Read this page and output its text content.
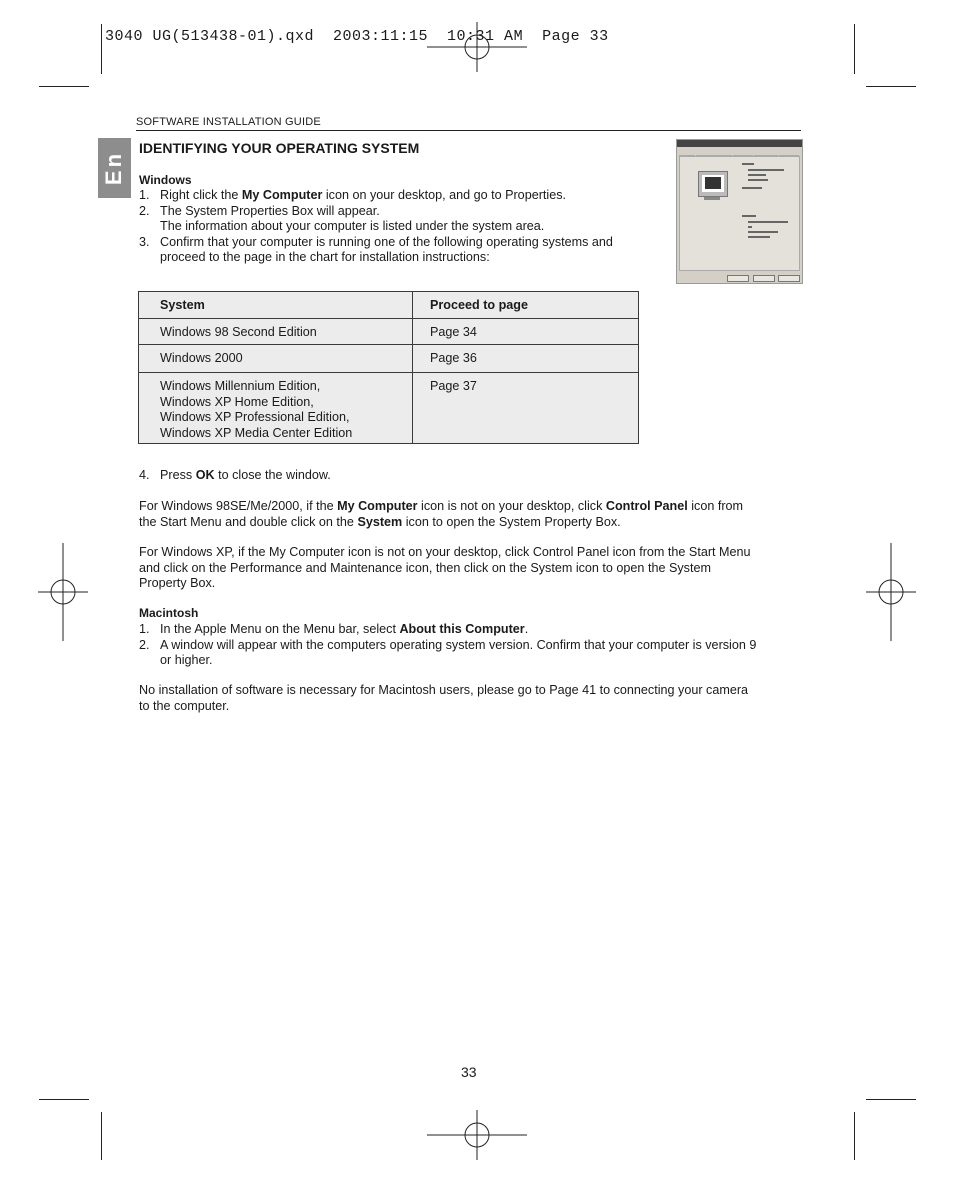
3040 UG(513438-01).qxd  2003:11:15  10:31 AM  Page 33
SOFTWARE INSTALLATION GUIDE
En
IDENTIFYING YOUR OPERATING SYSTEM
Windows
1. Right click the My Computer icon on your desktop, and go to Properties.
2. The System Properties Box will appear.
The information about your computer is listed under the system area.
3. Confirm that your computer is running one of the following operating systems and
proceed to the page in the chart for installation instructions:
System	Proceed to page

Windows 98 Second Edition	Page 34

Windows 2000	Page 36

Windows Millennium Edition,
Windows XP Home Edition,
Windows XP Professional Edition,
Windows XP Media Center Edition	Page 37
4. Press OK to close the window.
For Windows 98SE/Me/2000, if the My Computer icon is not on your desktop, click Control Panel icon from
the Start Menu and double click on the System icon to open the System Property Box.
For Windows XP, if the My Computer icon is not on your desktop, click Control Panel icon from the Start Menu
and click on the Performance and Maintenance icon, then click on the System icon to open the System
Property Box.
Macintosh
1. In the Apple Menu on the Menu bar, select About this Computer.
2. A window will appear with the computers operating system version. Confirm that your computer is version 9
or higher.
No installation of software is necessary for Macintosh users, please go to Page 41 to connecting your camera
to the computer.
33
